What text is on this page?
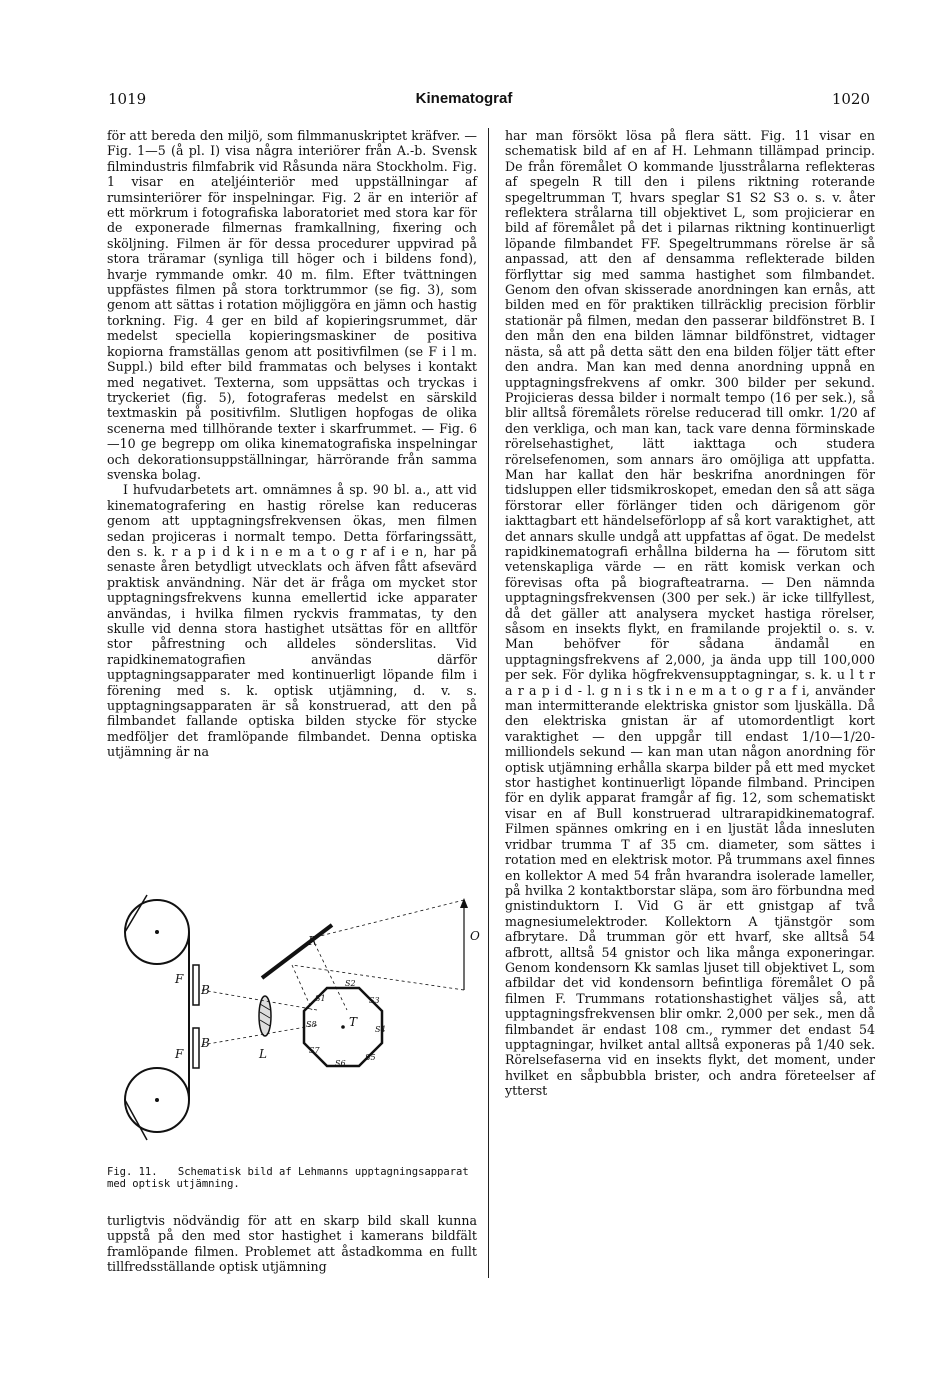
1019	Kinematograf	1020

för att bereda den miljö, som filmmanuskriptet kräfver. — Fig. 1—5 (å pl. I) visa några interiörer från A.-b. Svensk filmindustris filmfabrik vid Råsunda nära Stockholm. Fig. 1 visar en ateljéinteriör med uppställningar af rumsinteriörer för inspelningar. Fig. 2 är en interiör af ett mörkrum i fotografiska laboratoriet med stora kar för de exponerade filmernas framkallning, fixering och sköljning. Filmen är för dessa procedurer uppvirad på stora träramar (synliga till höger och i bildens fond), hvarje rymmande omkr. 40 m. film. Efter tvättningen uppfästes filmen på stora torktrummor (se fig. 3), som genom att sättas i rotation möjliggöra en jämn och hastig torkning. Fig. 4 ger en bild af kopieringsrummet, där medelst speciella kopieringsmaskiner de positiva kopiorna framställas genom att positivfilmen (se F i l m. Suppl.) bild efter bild frammatas och belyses i kontakt med negativet. Texterna, som uppsättas och tryckas i tryckeriet (fig. 5), fotograferas medelst en särskild textmaskin på positivfilm. Slutligen hopfogas de olika scenerna med tillhörande texter i skarfrummet. — Fig. 6—10 ge begrepp om olika kinematografiska inspelningar och dekorationsuppställningar, härrörande från samma svenska bolag.

I hufvudarbetets art. omnämnes å sp. 90 bl. a., att vid kinematografering en hastig rörelse kan reduceras genom att upptagningsfrekvensen ökas, men filmen sedan projiceras i normalt tempo. Detta förfaringssätt, den s. k. r a p i d k i n e m a t o g r af i e n, har på senaste åren betydligt utvecklats och äfven fått afsevärd praktisk användning. När det är fråga om mycket stor upptagningsfrekvens kunna emellertid icke apparater användas, i hvilka filmen ryckvis frammatas, ty den skulle vid denna stora hastighet utsättas för en alltför stor påfrestning och alldeles sönderslitas. Vid rapidkinematografien användas därför upptagningsapparater med kontinuerligt löpande film i förening med s. k. optisk utjämning, d. v. s. upptagningsapparaten är så konstruerad, att den på filmbandet fallande optiska bilden stycke för stycke medföljer det framlöpande filmbandet. Denna optiska utjämning är na

F
B
F
B
L
R	O
T
S1
S2
S3
S4
S5
S6
S7
S8
Fig. 11. Schematisk bild af Lehmanns upptagningsapparat med optisk utjämning.

turligtvis nödvändig för att en skarp bild skall kunna uppstå på den med stor hastighet i kamerans bildfält framlöpande filmen. Problemet att åstadkomma en fullt tillfredsställande optisk utjämning

har man försökt lösa på flera sätt. Fig. 11 visar en schematisk bild af en af H. Lehmann tillämpad princip. De från föremålet O kommande ljusstrålarna reflekteras af spegeln R till den i pilens riktning roterande spegeltrumman T, hvars speglar S1 S2 S3 o. s. v. åter reflektera strålarna till objektivet L, som projicierar en bild af föremålet på det i pilarnas riktning kontinuerligt löpande filmbandet FF. Spegeltrummans rörelse är så anpassad, att den af densamma reflekterade bilden förflyttar sig med samma hastighet som filmbandet. Genom den ofvan skisserade anordningen kan ernås, att bilden med en för praktiken tillräcklig precision förblir stationär på filmen, medan den passerar bildfönstret B. I den mån den ena bilden lämnar bildfönstret, vidtager nästa, så att på detta sätt den ena bilden följer tätt efter den andra. Man kan med denna anordning uppnå en upptagningsfrekvens af omkr. 300 bilder per sekund. Projicieras dessa bilder i normalt tempo (16 per sek.), så blir alltså föremålets rörelse reducerad till omkr. 1/20 af den verkliga, och man kan, tack vare denna förminskade rörelsehastighet, lätt iakttaga och studera rörelsefenomen, som annars äro omöjliga att uppfatta. Man har kallat den här beskrifna anordningen för tidsluppen eller tidsmikroskopet, emedan den så att säga förstorar eller förlänger tiden och därigenom gör iakttagbart ett händelseförlopp af så kort varaktighet, att det annars skulle undgå att uppfattas af ögat. De medelst rapidkinematografi erhållna bilderna ha — förutom sitt vetenskapliga värde — en rätt komisk verkan och förevisas ofta på biografteatrarna. — Den nämnda upptagningsfrekvensen (300 per sek.) är icke tillfyllest, då det gäller att analysera mycket hastiga rörelser, såsom en insekts flykt, en framilande projektil o. s. v. Man behöfver för sådana ändamål en upptagningsfrekvens af 2,000, ja ända upp till 100,000 per sek. För dylika högfrekvensupptagningar, s. k. u l t r a r a p i d - l. g n i s tk i n e m a t o g r a f i, använder man intermitterande elektriska gnistor som ljuskälla. Då den elektriska gnistan är af utomordentligt kort varaktighet — den uppgår till endast 1/10—1/20-milliondels sekund — kan man utan någon anordning för optisk utjämning erhålla skarpa bilder på ett med mycket stor hastighet kontinuerligt löpande filmband. Principen för en dylik apparat framgår af fig. 12, som schematiskt visar en af Bull konstruerad ultrarapidkinematograf. Filmen spännes omkring en i en ljustät låda innesluten vridbar trumma T af 35 cm. diameter, som sättes i rotation med en elektrisk motor. På trummans axel finnes en kollektor A med 54 från hvarandra isolerade lameller, på hvilka 2 kontaktborstar släpa, som äro förbundna med gnistinduktorn I. Vid G är ett gnistgap af två magnesiumelektroder. Kollektorn A tjänstgör som afbrytare. Då trumman gör ett hvarf, ske alltså 54 afbrott, alltså 54 gnistor och lika många exponeringar. Genom kondensorn Kk samlas ljuset till objektivet L, som afbildar det vid kondensorn befintliga föremålet O på filmen F. Trummans rotationshastighet väljes så, att upptagningsfrekvensen blir omkr. 2,000 per sek., men då filmbandet är endast 108 cm., rymmer det endast 54 upptagningar, hvilket antal alltså exponeras på 1/40 sek. Rörelsefaserna vid en insekts flykt, det moment, under hvilket en såpbubbla brister, och andra företeelser af ytterst
